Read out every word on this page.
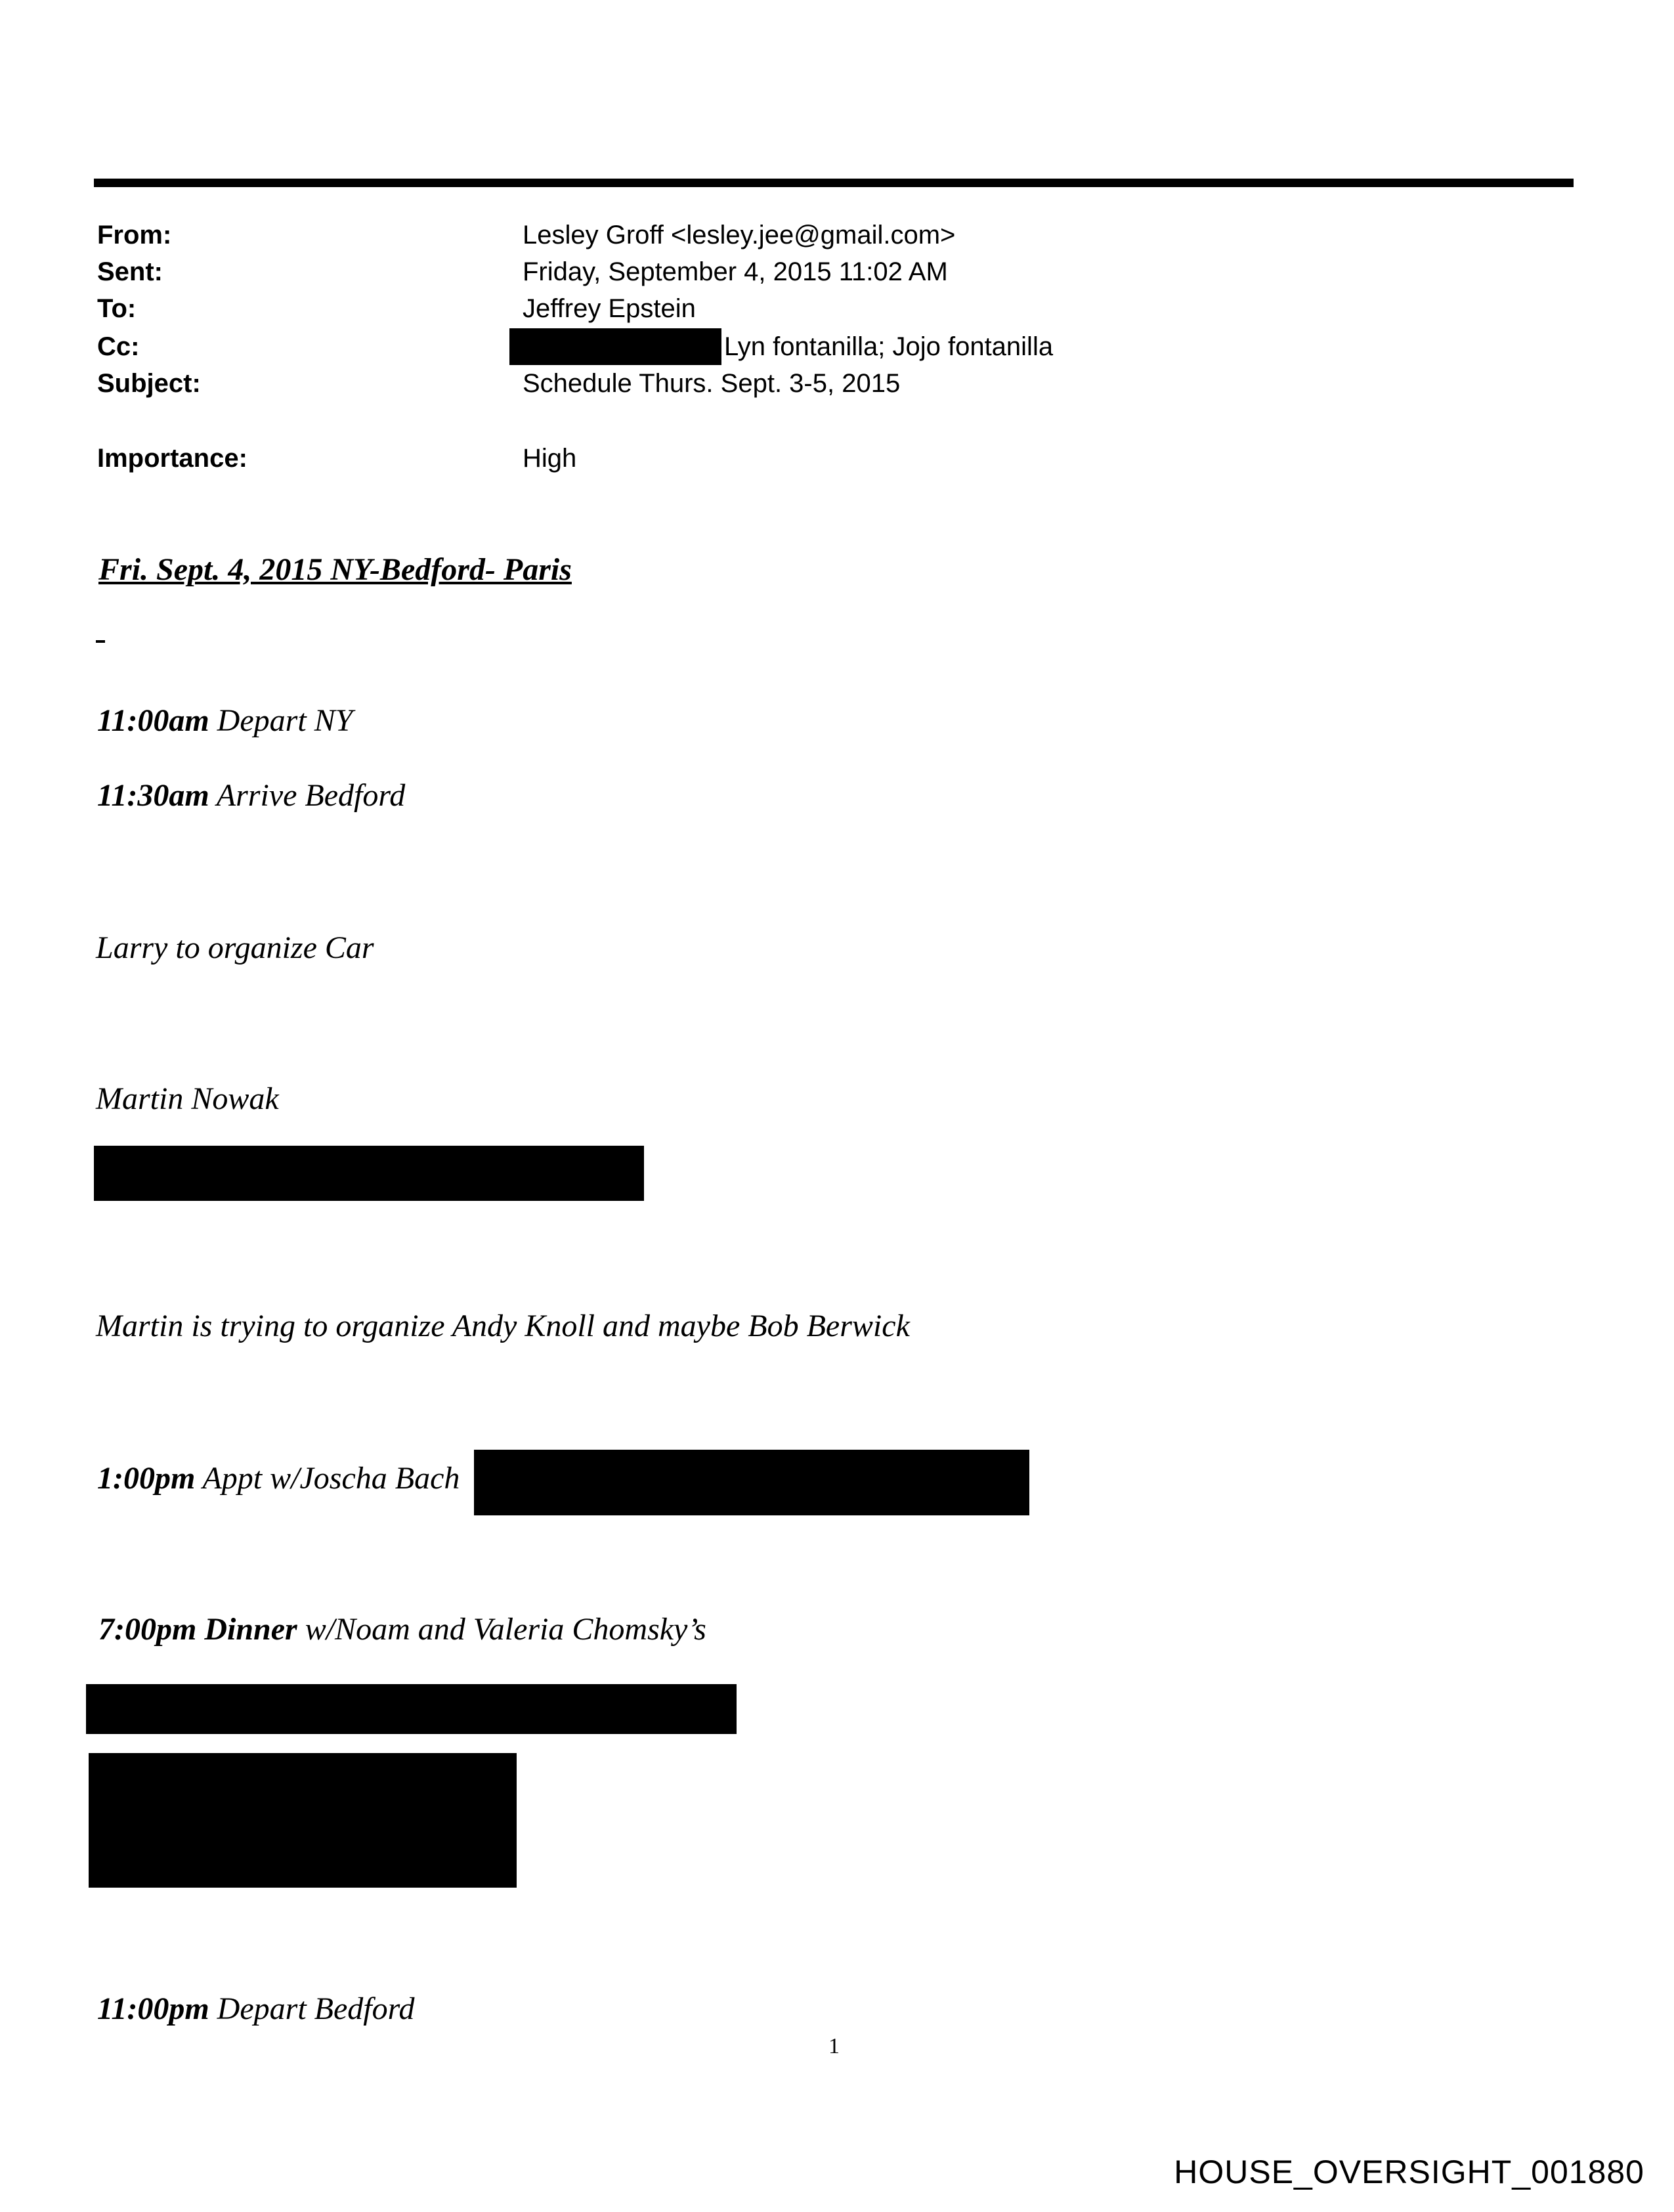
From:	Lesley Groff <lesley.jee@gmail.com>
Sent:	Friday, September 4, 2015 11:02 AM
To:	Jeffrey Epstein
Cc:	Lyn fontanilla; Jojo fontanilla
Subject:	Schedule Thurs. Sept. 3-5, 2015
Importance:	High
Fri. Sept. 4, 2015 NY-Bedford- Paris
11:00am Depart NY
11:30am Arrive Bedford
Larry to organize Car
Martin Nowak
Martin is trying to organize Andy Knoll and maybe Bob Berwick
1:00pm Appt w/Joscha Bach
7:00pm Dinner w/Noam and Valeria Chomsky’s
11:00pm Depart Bedford
1
HOUSE_OVERSIGHT_001880
